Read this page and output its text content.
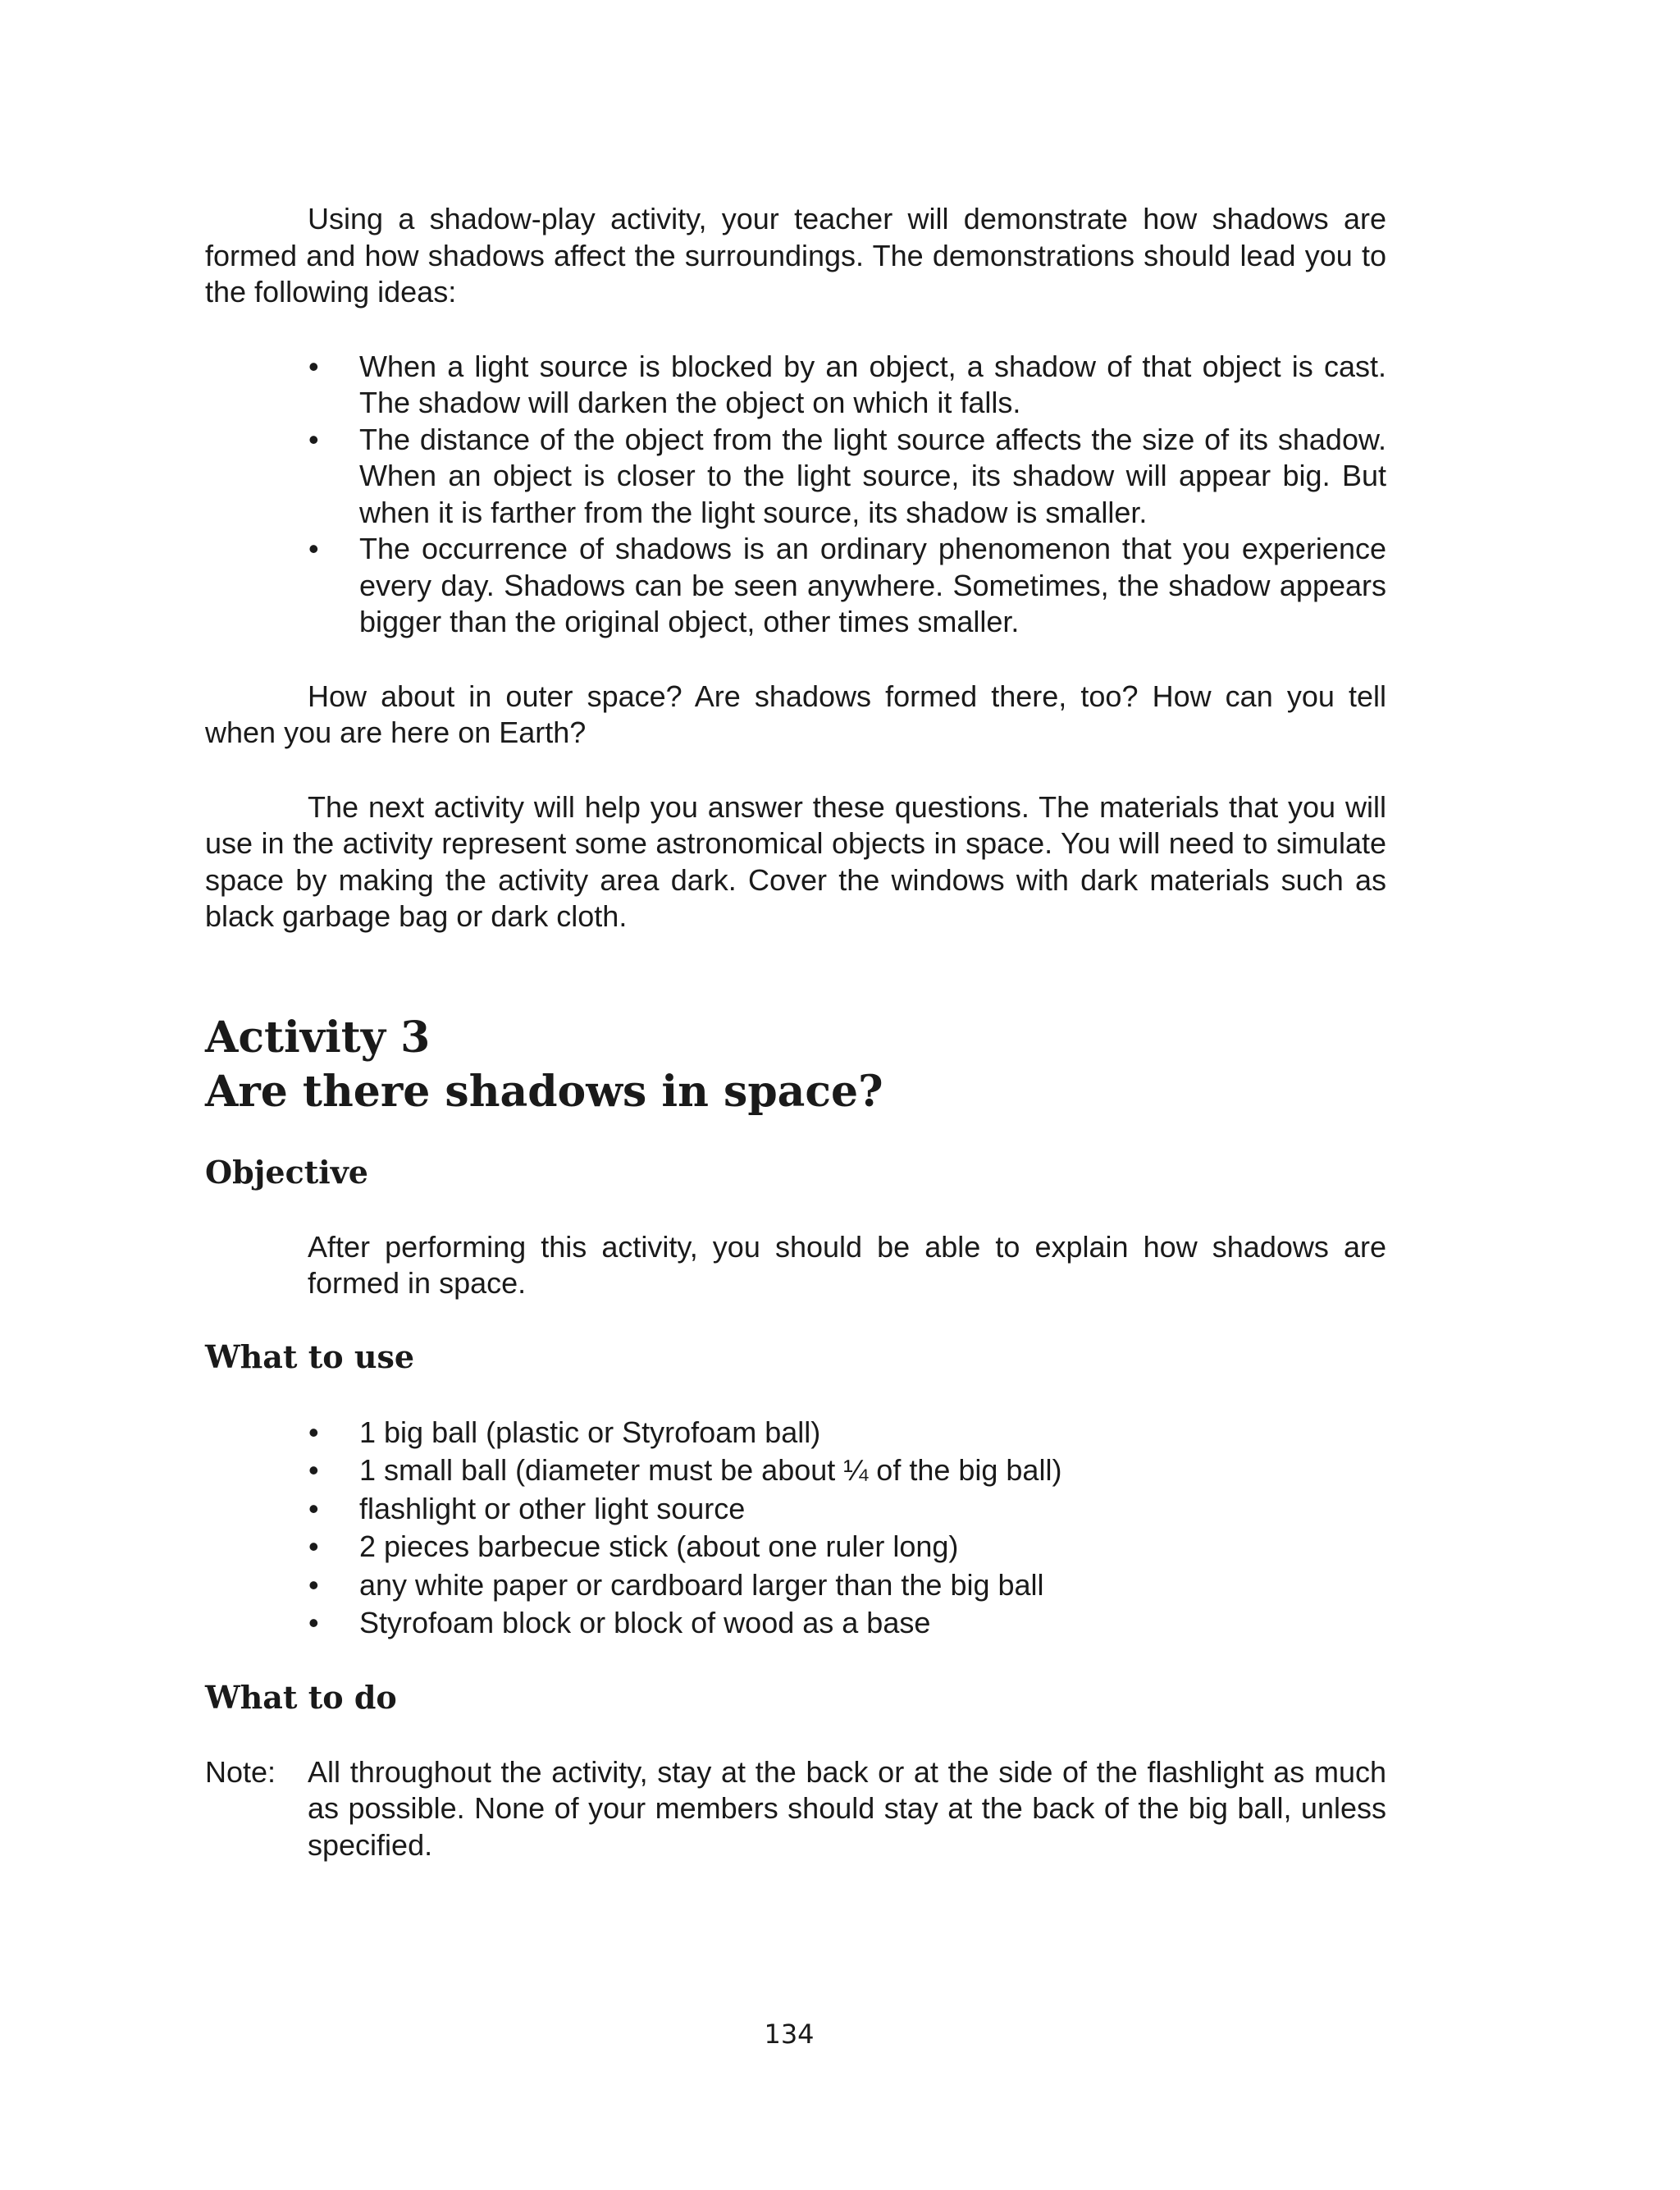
Using a shadow-play activity, your teacher will demonstrate how shadows are formed and how shadows affect the surroundings. The demonstrations should lead you to the following ideas:

• When a light source is blocked by an object, a shadow of that object is cast. The shadow will darken the object on which it falls.
• The distance of the object from the light source affects the size of its shadow. When an object is closer to the light source, its shadow will appear big. But when it is farther from the light source, its shadow is smaller.
• The occurrence of shadows is an ordinary phenomenon that you experience every day. Shadows can be seen anywhere. Sometimes, the shadow appears bigger than the original object, other times smaller.

How about in outer space? Are shadows formed there, too? How can you tell when you are here on Earth?

The next activity will help you answer these questions. The materials that you will use in the activity represent some astronomical objects in space. You will need to simulate space by making the activity area dark. Cover the windows with dark materials such as black garbage bag or dark cloth.

Activity 3
Are there shadows in space?
Objective

After performing this activity, you should be able to explain how shadows are formed in space.

What to use
• 1 big ball (plastic or Styrofoam ball)
• 1 small ball (diameter must be about ¼ of the big ball)
• flashlight or other light source
• 2 pieces barbecue stick (about one ruler long)
• any white paper or cardboard larger than the big ball
• Styrofoam block or block of wood as a base
What to do

Note: All throughout the activity, stay at the back or at the side of the flashlight as much as possible. None of your members should stay at the back of the big ball, unless specified.

134
